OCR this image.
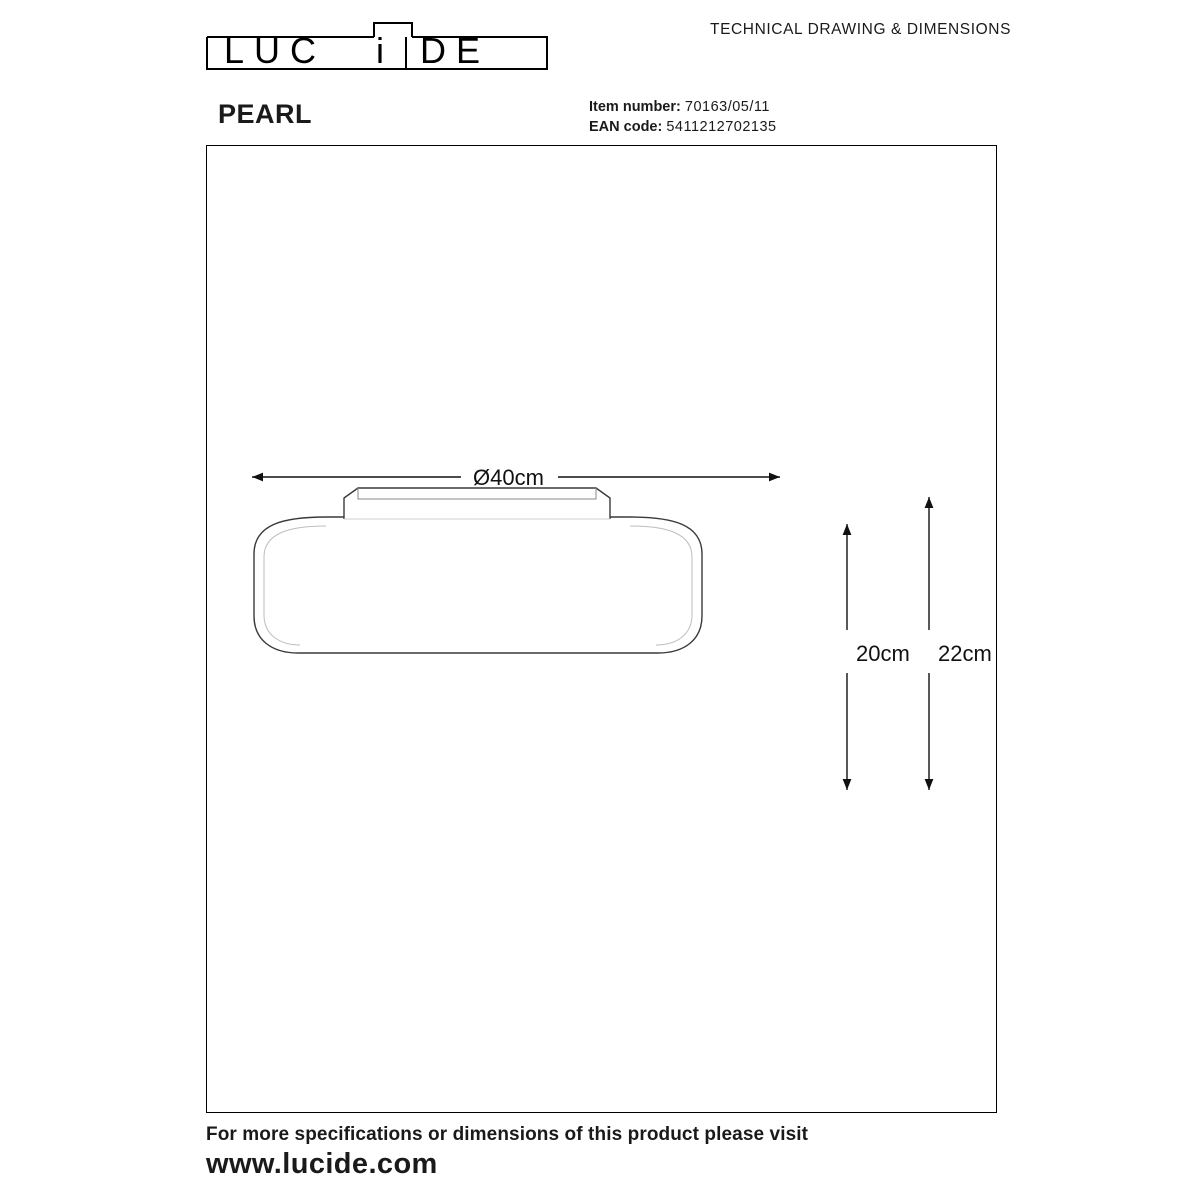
LUC i DE
TECHNICAL DRAWING & DIMENSIONS
PEARL	Item number: 70163/05/11
EAN code: 5411212702135
Ø40cm
20cm 22cm
For more specifications or dimensions of this product please visit
www.lucide.com
